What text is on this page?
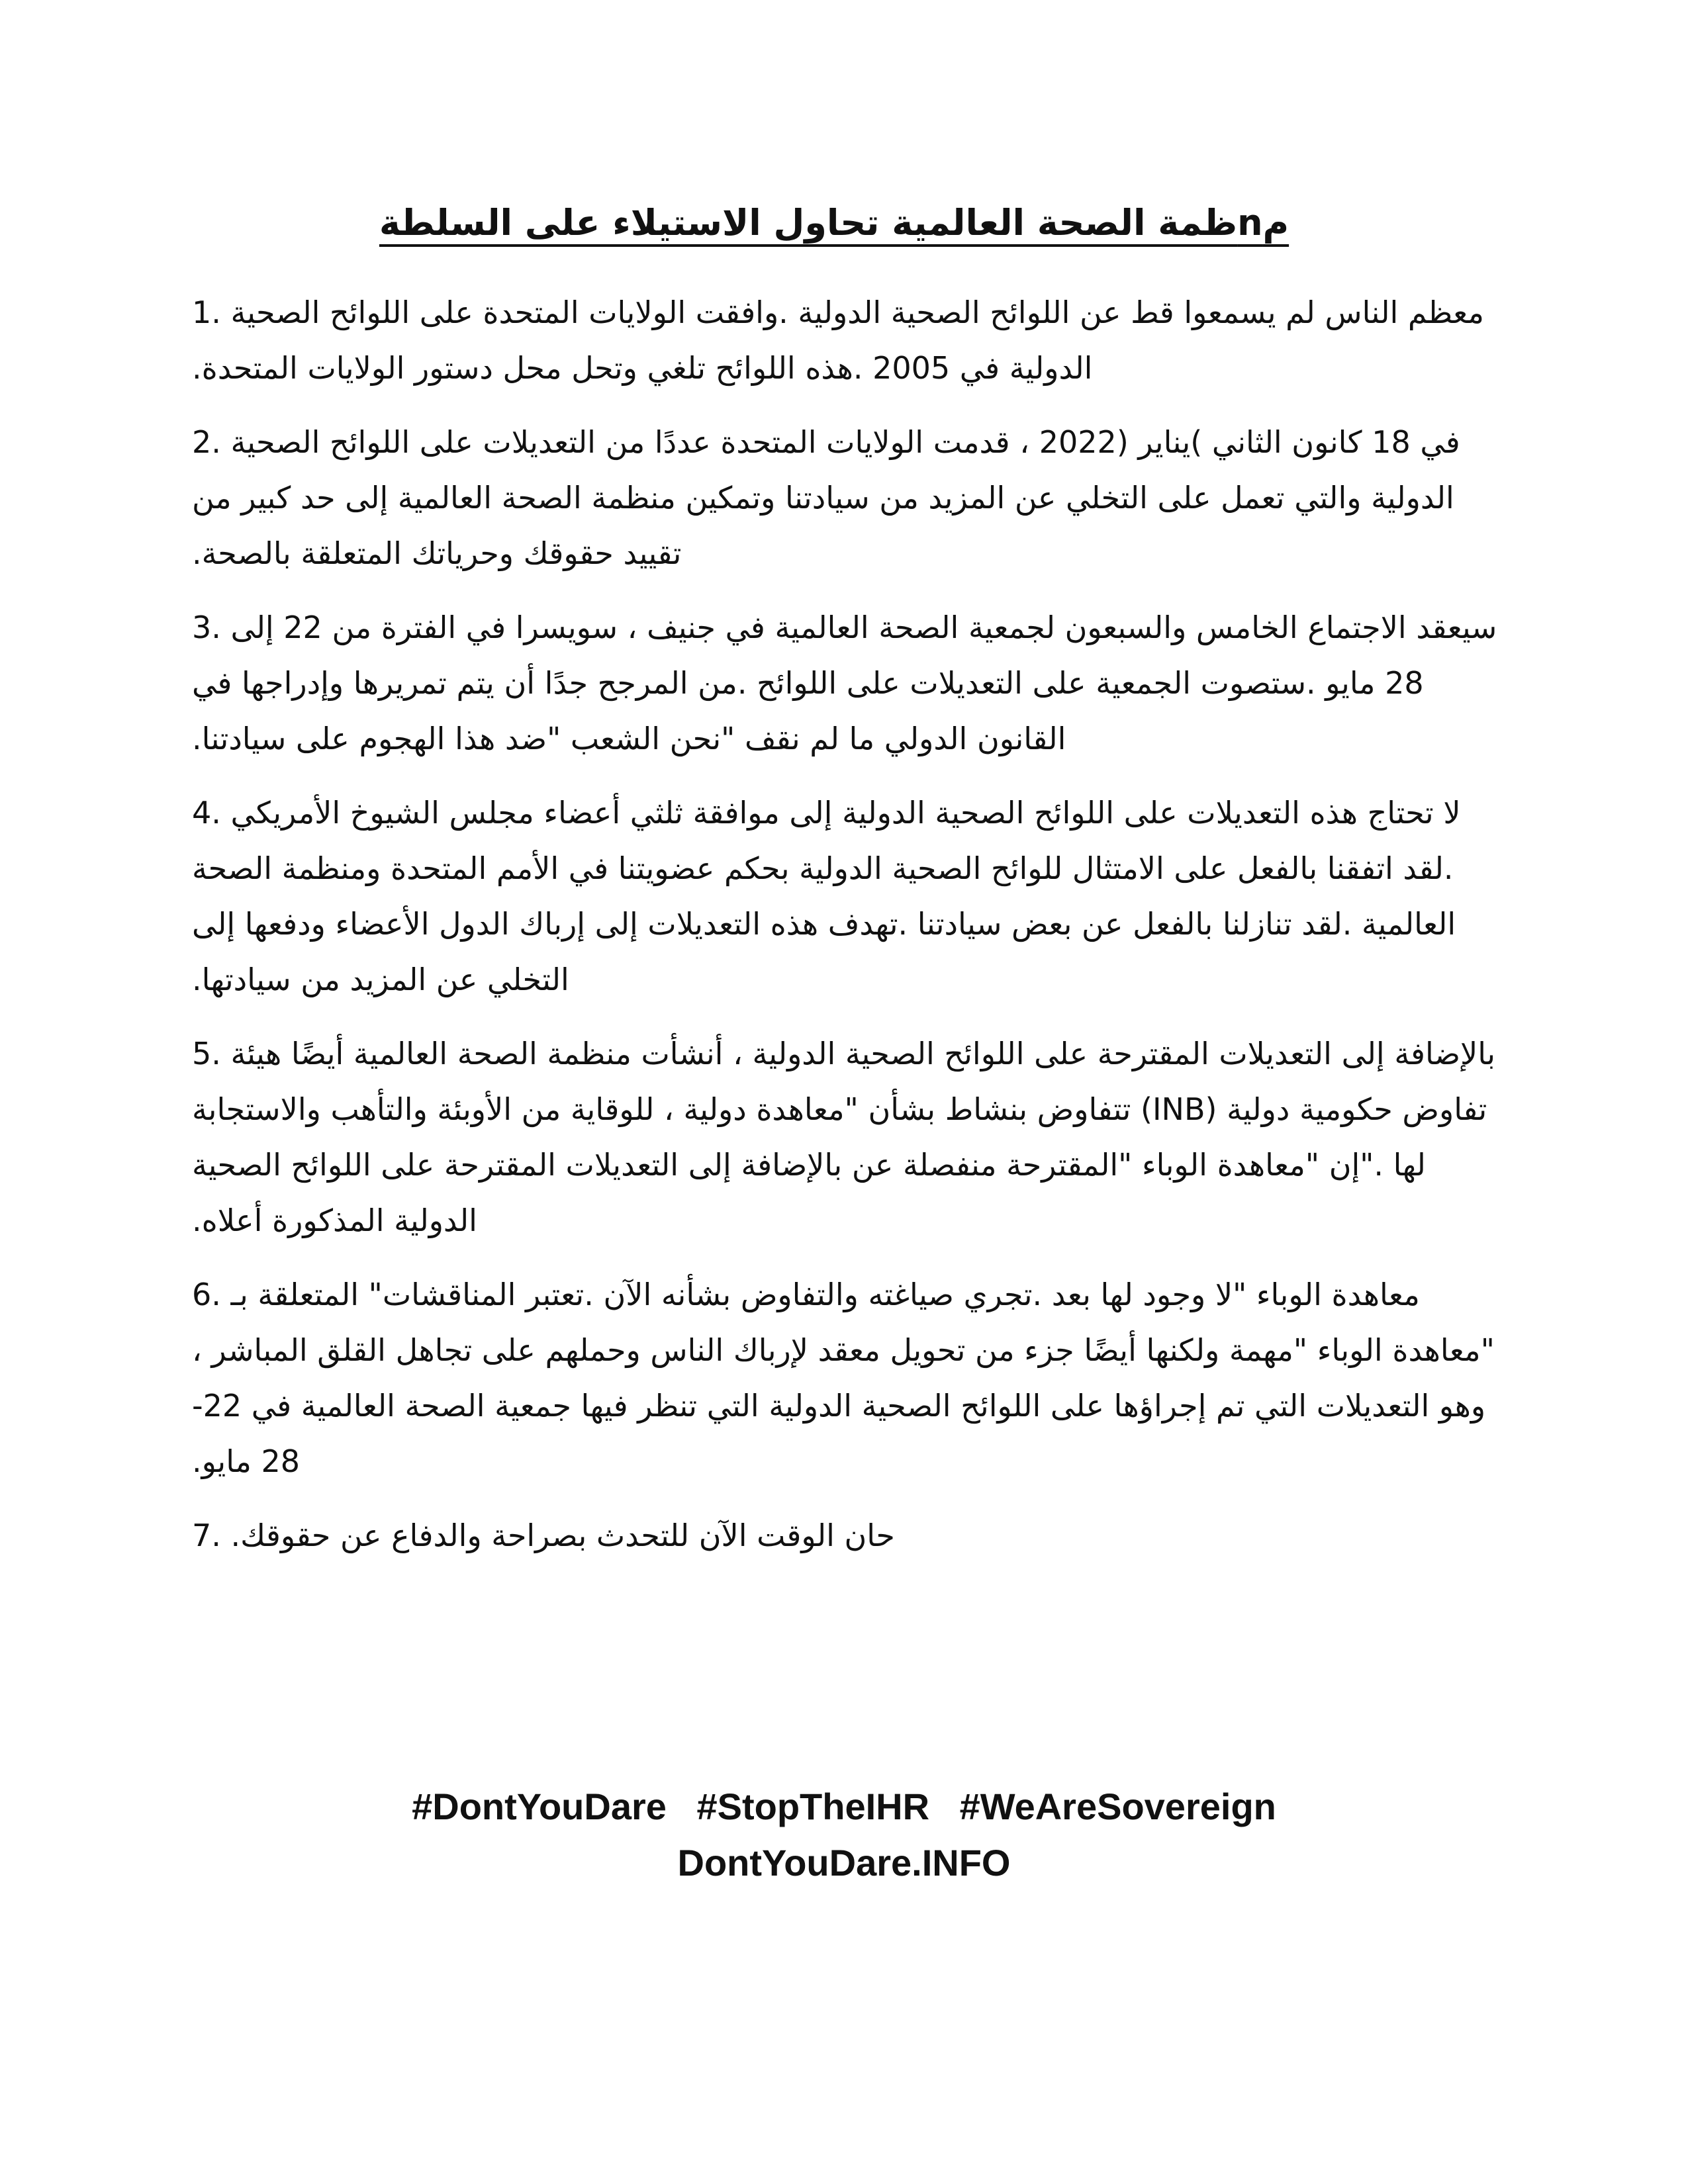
مnظمة الصحة العالمية تحاول الاستيلاء على السلطة

1. معظم الناس لم يسمعوا قط عن اللوائح الصحية الدولية .وافقت الولايات المتحدة على اللوائح الصحية الدولية في 2005 .هذه اللوائح تلغي وتحل محل دستور الولايات المتحدة.

2. في 18 كانون الثاني )يناير (2022 ، قدمت الولايات المتحدة عددًا من التعديلات على اللوائح الصحية الدولية والتي تعمل على التخلي عن المزيد من سيادتنا وتمكين منظمة الصحة العالمية إلى حد كبير من تقييد حقوقك وحرياتك المتعلقة بالصحة.

3. سيعقد الاجتماع الخامس والسبعون لجمعية الصحة العالمية في جنيف ، سويسرا في الفترة من 22 إلى 28 مايو .ستصوت الجمعية على التعديلات على اللوائح .من المرجح جدًا أن يتم تمريرها وإدراجها في القانون الدولي ما لم نقف "نحن الشعب "ضد هذا الهجوم على سيادتنا.

4. لا تحتاج هذه التعديلات على اللوائح الصحية الدولية إلى موافقة ثلثي أعضاء مجلس الشيوخ الأمريكي .لقد اتفقنا بالفعل على الامتثال للوائح الصحية الدولية بحكم عضويتنا في الأمم المتحدة ومنظمة الصحة العالمية .لقد تنازلنا بالفعل عن بعض سيادتنا .تهدف هذه التعديلات إلى إرباك الدول الأعضاء ودفعها إلى التخلي عن المزيد من سيادتها.

5. بالإضافة إلى التعديلات المقترحة على اللوائح الصحية الدولية ، أنشأت منظمة الصحة العالمية أيضًا هيئة تفاوض حكومية دولية (INB) تتفاوض بنشاط بشأن "معاهدة دولية ، للوقاية من الأوبئة والتأهب والاستجابة لها ."إن "معاهدة الوباء "المقترحة منفصلة عن بالإضافة إلى التعديلات المقترحة على اللوائح الصحية الدولية المذكورة أعلاه.

6. معاهدة الوباء "لا وجود لها بعد .تجري صياغته والتفاوض بشأنه الآن .تعتبر المناقشات" المتعلقة بـ "معاهدة الوباء "مهمة ولكنها أيضًا جزء من تحويل معقد لإرباك الناس وحملهم على تجاهل القلق المباشر ، وهو التعديلات التي تم إجراؤها على اللوائح الصحية الدولية التي تنظر فيها جمعية الصحة العالمية في 22-28 مايو.

7. حان الوقت الآن للتحدث بصراحة والدفاع عن حقوقك.

#DontYouDare #StopTheIHR #WeAreSovereign
DontYouDare.INFO
